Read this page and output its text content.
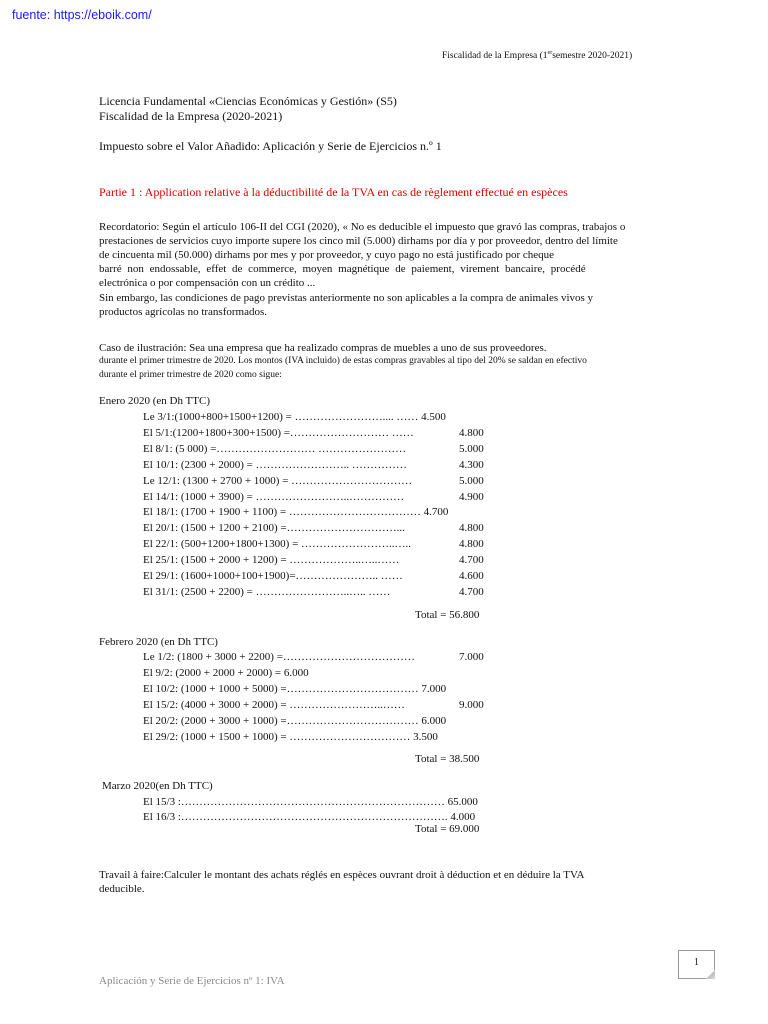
fuente: https://eboik.com/
Fiscalidad de la Empresa (1ersemestre 2020-2021)
Licencia Fundamental «Ciencias Económicas y Gestión» (S5)
Fiscalidad de la Empresa (2020-2021)
Impuesto sobre el Valor Añadido: Aplicación y Serie de Ejercicios n.º 1
Partie 1 : Application relative à la déductibilité de la TVA en cas de règlement effectué en espèces
Recordatorio: Según el artículo 106-II del CGI (2020), « No es deducible el impuesto que gravó las compras, trabajos o
prestaciones de servicios cuyo importe supere los cinco mil (5.000) dirhams por día y por proveedor, dentro del límite
de cincuenta mil (50.000) dirhams por mes y por proveedor, y cuyo pago no está justificado por cheque
barré non endossable, effet de commerce, moyen magnétique de paiement, virement bancaire, procédé
electrónica o por compensación con un crédito ...
Sin embargo, las condiciones de pago previstas anteriormente no son aplicables a la compra de animales vivos y
productos agrícolas no transformados.
Caso de ilustración: Sea una empresa que ha realizado compras de muebles a uno de sus proveedores.
durante el primer trimestre de 2020. Los montos (IVA incluido) de estas compras gravables al tipo del 20% se saldan en efectivo
durante el primer trimestre de 2020 como sigue:
Enero 2020 (en Dh TTC)
Le 3/1:(1000+800+1500+1200) = …………………….... …… 4.500
El 5/1:(1200+1800+300+1500) =……………………… ……	4.800
El 8/1: (5 000) =……………………… ……………………	5.000
El 10/1: (2300 + 2000) = …………………….. ……………	4.300
Le 12/1: (1300 + 2700 + 1000) = ……………………………	5.000
El 14/1: (1000 + 3900) = ……………………..……………	4.900
El 18/1: (1700 + 1900 + 1100) = ……………………………… 4.700
El 20/1: (1500 + 1200 + 2100) =…………………………...	4.800
El 22/1: (500+1200+1800+1300) = ……………………..…..	4.800
El 25/1: (1500 + 2000 + 1200) = ………………..…..……	4.700
El 29/1: (1600+1000+100+1900)=………………….. ……	4.600
El 31/1: (2500 + 2200) = ……………………..….. ……	4.700
Total = 56.800
Febrero 2020 (en Dh TTC)
Le 1/2: (1800 + 3000 + 2200) =………………………………	7.000
El 9/2: (2000 + 2000 + 2000) = 6.000
El 10/2: (1000 + 1000 + 5000) =……………………………… 7.000
El 15/2: (4000 + 3000 + 2000) = ……………………..……	9.000
El 20/2: (2000 + 3000 + 1000) =……………………………… 6.000
El 29/2: (1000 + 1500 + 1000) = …………………………… 3.500
Total = 38.500
Marzo 2020(en Dh TTC)
El 15/3 :……………………………………………………………… 65.000
El 16/3 :………………………………………………………………. 4.000
Total = 69.000
Travail à faire:Calculer le montant des achats réglés en espèces ouvrant droit à déduction et en déduire la TVA
deducible.
1
Aplicación y Serie de Ejercicios nº 1: IVA
